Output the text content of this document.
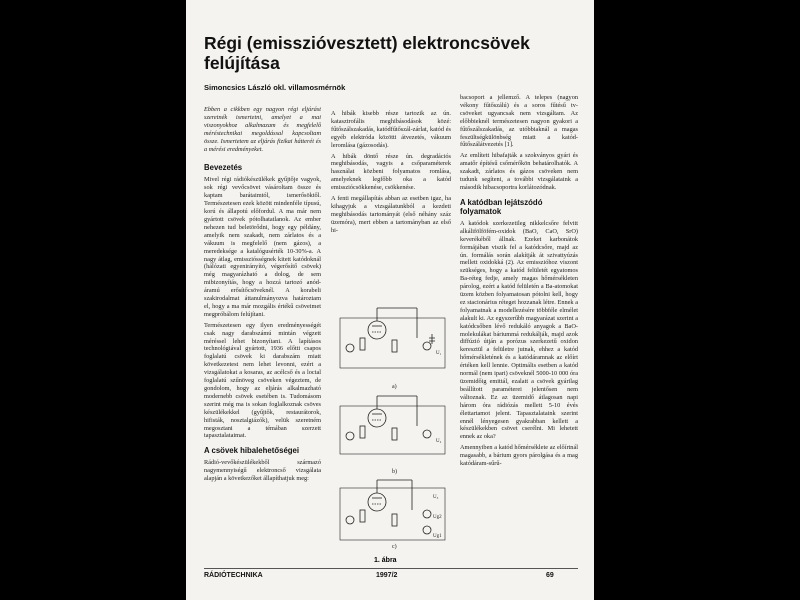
Régi (emisszióvesztett) elektroncsövek felújítása
Simoncsics László okl. villamosmérnök

Ebben a cikkben egy nagyon régi eljárást szeretnék ismertetni, amelyet a mai viszonyokhoz alkalmazam és megfelelő méréstechnikai megoldással kapcsoltam össze. Ismertetem az eljárás fizikai hátterét és a mérési eredményeket.

Bevezetés

Mivel régi rádiókészülékek gyűjtője vagyok, sok régi vevőcsövet vásároltam össze és kaptam barátaimtól, ismerősöktől. Természetesen ezek között mindenféle típusú, korú és állapotú előfordul. A ma már nem gyártott csövek pótolhatatlanok. Az ember nehezen tud beletörődni, hogy egy példány, amelyik nem szakadt, nem zárlatos és a vákuum is megfelelő (nem gázos), a meredeksége a katalógusérték 10-30%-a. A nagy átlag, emissziósségnek kitett katódoknál (hálózati egyenirányító, végerősítő csövek) még magyarázható a dolog, de sem mibizonyítás, hogy a hozzá tartozó anód-áramú erősítőcsöveknél. A korabeli szakirodalmat áttanulmányozva határoztam el, hogy a ma már mozgális értékű csöveimet megpróbálom felújítani.

Természetesen egy ilyen eredményességét csak nagy darabszámú mintán végzett méréssel lehet bizonyítani. A lapításos technológiával gyártott, 1936 előtti csapos foglalatú csövek ki darabszám miatt következetest nem lehet levonni, ezért a vizsgálatokat a kosaras, az acélcső és a loctal foglalatú szűnöveg csöveken végeztem, de gondolom, hogy az eljárás alkalmazható modernebb csövek esetében is. Tudomásom szerint még ma is sokan foglalkoznak csöves készülékekkel (gyűjtők, restaurátorok, hifisták, nosztalgiázók), velük szeretném megosztani a témában szerzett tapasztalataimat.

A csövek hibalehetőségei

Rádió-vevőkészülékekből származó nagymennyiségű elektroncső vizsgálata alapján a következőket állapíthatjuk meg:

A hibák kisebb része tartozik az ún. katasztrofális meghibásodások közé: fűtőszálszakadás, katódfűtőszál-zárlat, katód és egyéb elektróda közötti átvezetés, vákuum leromlása (gázosodás).

A hibák döntő része ún. degradációs meghibásodás, vagyis a csőparaméterek használat közbeni folyamatos romlása, amelyeknek legfőbb oka a katód emissziócsökkenése, csökkenése.

A fenti megállapítás abban az esetben igaz, ha kihagyjuk a vizsgálatunkból a kezdeti meghibásodás tartományát (első néhány száz üzemóra), mert ebben a tartományban az első hi-

a)
U₁
b)
U₂
c)
U₃
Ug2
Ug1
1. ábra

bacsoport a jellemző. A telepes (nagyon vékony fűtőszálú) és a soros fűtésű tv-csöveket ugyancsak nem vizsgáltam. Az előbbieknél természetesen nagyon gyakori a fűtőszálszakadás, az utóbbiaknál a magas feszültségkülönbség miatt a katód-fűtőszálátvezetés [1].

Az említett hibafajták a szokványos gyári és amatőr építésű csőmérőkön behatárolhatók. A szakadt, zárlatos és gázos csöveken nem tudunk segíteni, a további vizsgálataink a második hibacsoportra korlátozódnak.

A katódban lejátszódó folyamatok

A katódok szerkezetileg nikkelcsőre felvitt alkálifölföfém-oxidok (BaO, CaO, SrO) keverékéből állnak. Ezeket karbonátok formájában viszik fel a katódcsőre, majd az ún. formálás során alakítják át szivattyúzás mellett oxidokká (2). Az emisszióhoz viszont szükséges, hogy a katód felületét egyatomos Ba-réteg fedje, amely magas hőmérsékleten párolog, ezért a katód felületén a Ba-atomokat üzem közben folyamatosan pótolni kell, hogy ez stacionárius réteget hozzanak létre. Ennek a folyamatnak a modellezésére többféle elmélet alakult ki. Az egyszerűbb magyarázat szerint a katódcsőben lévő redukáló anyagok a BaO-molekulákat báriummá redukálják, majd azok diffúzió útján a porózus szerkezetű oxidon keresztül a felületre jutnak, ehhez a katód hőmérsékletének és a katódáramnak az előírt értéken kell lennie. Optimális esetben a katód normál (nem ipari) csöveknél 5000-10 000 óra üzemidőig emittál, ezalatt a csövek gyárilag beállított paraméterei jelentősen nem változnak. Ez az üzemidő átlagosan napi három óra rádiózás mellett 5-10 évés élettartamot jelent. Tapasztalataink szerint ennél lényegesen gyakrabban kellett a készülékekben csövet cserélni. Mi lehetett ennek az oka?

Amennyiben a katód hőmérséklete az előírtnál magasabb, a bárium gyors párolgása és a mag katódáram-sűrű-

RÁDIÓTECHNIKA	1997/2	69
